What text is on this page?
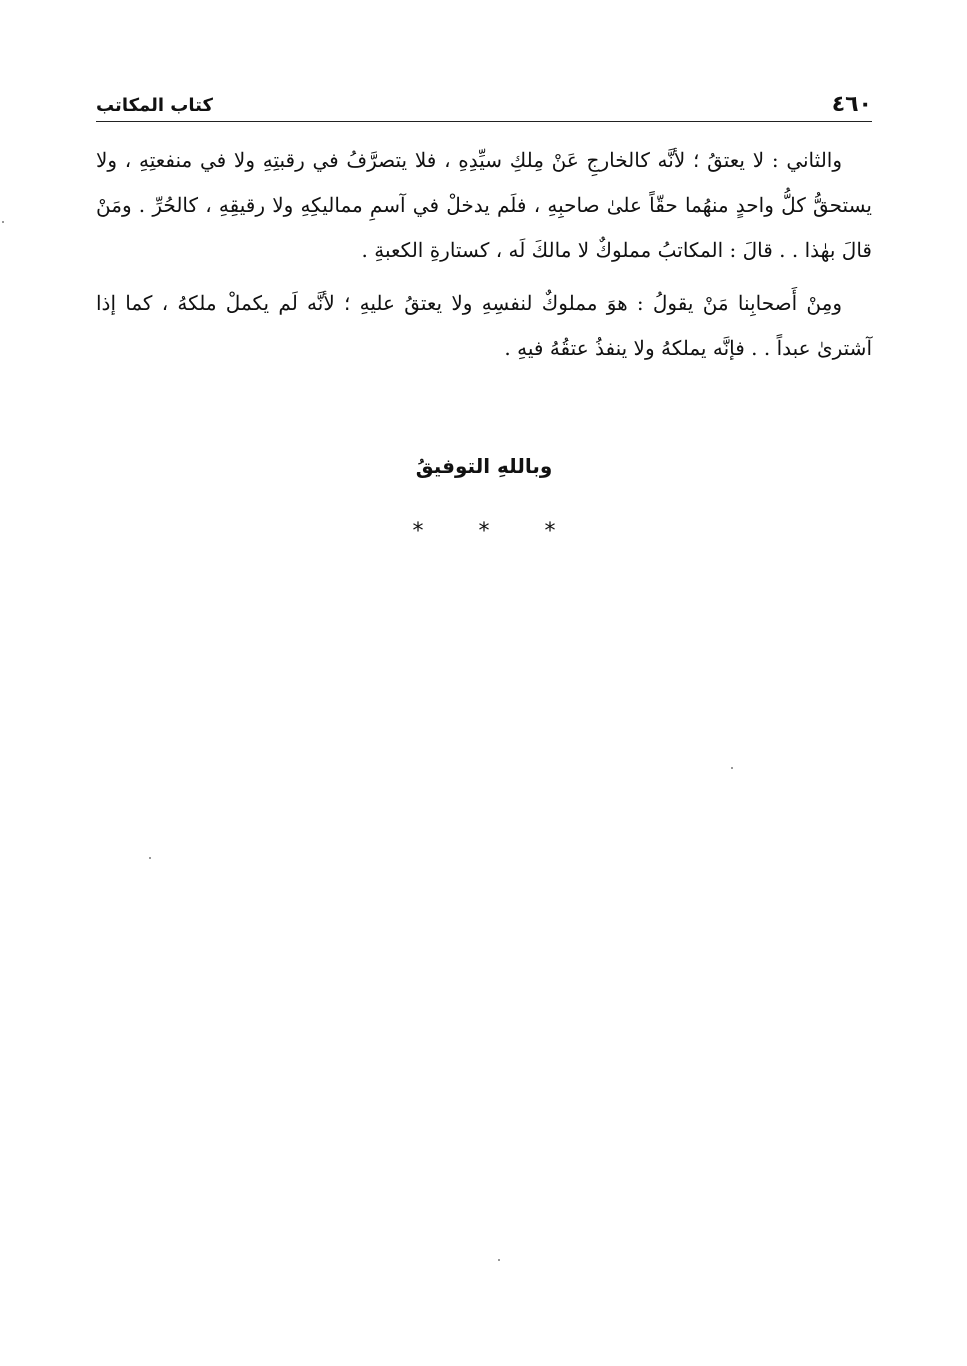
٤٦٠
كتاب المكاتب

والثاني : لا يعتقُ ؛ لأنَّه كالخارجِ عَنْ مِلكِ سيِّدِهِ ، فلا يتصرَّفُ في رقبتِهِ ولا في منفعتِهِ ، ولا يستحقُّ كلُّ واحدٍ منهُما حقّاً علىٰ صاحبِهِ ، فلَم يدخلْ في آسمِ مماليكِهِ ولا رقيقِهِ ، كالحُرِّ . ومَنْ قالَ بهٰذا . . قالَ : المكاتبُ مملوكٌ لا مالكَ لَه ، كستارةِ الكعبةِ .

ومِنْ أَصحابِنا مَنْ يقولُ : هوَ مملوكٌ لنفسِهِ ولا يعتقُ عليهِ ؛ لأنَّه لَم يكملْ ملكهُ ، كما إذا آشترىٰ عبداً . . فإنَّه يملكهُ ولا ينفذُ عتقُهُ فيهِ .

وباللهِ التوفيقُ
* * *
